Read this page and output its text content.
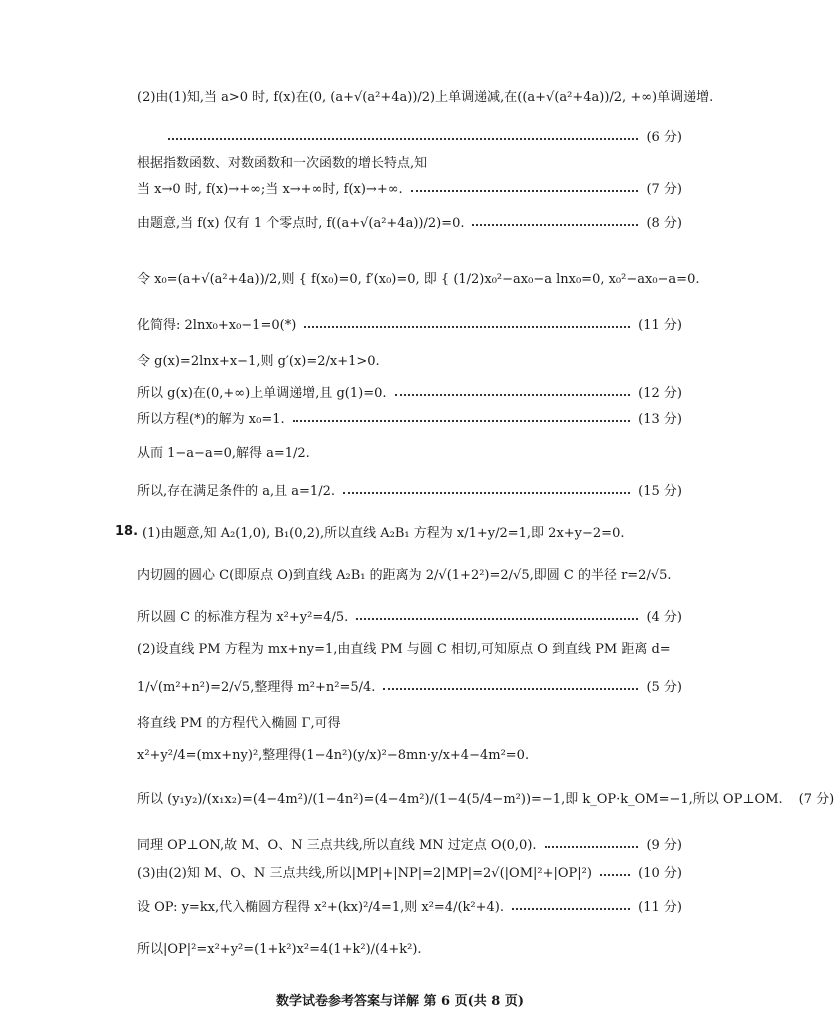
(2)由(1)知,当 a>0 时, f(x)在(0, (a+√(a²+4a))/2)上单调递减,在((a+√(a²+4a))/2, +∞)单调递增.
(6 分)
根据指数函数、对数函数和一次函数的增长特点,知
当 x→0 时, f(x)→+∞;当 x→+∞时, f(x)→+∞.	(7 分)
由题意,当 f(x) 仅有 1 个零点时, f((a+√(a²+4a))/2)=0.	(8 分)
令 x₀=(a+√(a²+4a))/2,则 { f(x₀)=0, f′(x₀)=0, 即 { (1/2)x₀²−ax₀−a lnx₀=0, x₀²−ax₀−a=0.
化简得: 2lnx₀+x₀−1=0(*)	(11 分)
令 g(x)=2lnx+x−1,则 g′(x)=2/x+1>0.
所以 g(x)在(0,+∞)上单调递增,且 g(1)=0.	(12 分)
所以方程(*)的解为 x₀=1.	(13 分)
从而 1−a−a=0,解得 a=1/2.
所以,存在满足条件的 a,且 a=1/2.	(15 分)
18. (1)由题意,知 A₂(1,0), B₁(0,2),所以直线 A₂B₁ 方程为 x/1+y/2=1,即 2x+y−2=0.
内切圆的圆心 C(即原点 O)到直线 A₂B₁ 的距离为 2/√(1+2²)=2/√5,即圆 C 的半径 r=2/√5.
所以圆 C 的标准方程为 x²+y²=4/5.	(4 分)
(2)设直线 PM 方程为 mx+ny=1,由直线 PM 与圆 C 相切,可知原点 O 到直线 PM 距离 d=
1/√(m²+n²)=2/√5,整理得 m²+n²=5/4.	(5 分)
将直线 PM 的方程代入椭圆 Γ,可得
x²+y²/4=(mx+ny)²,整理得(1−4n²)(y/x)²−8mn·y/x+4−4m²=0.
所以 (y₁y₂)/(x₁x₂)=(4−4m²)/(1−4n²)=(4−4m²)/(1−4(5/4−m²))=−1,即 k_OP·k_OM=−1,所以 OP⊥OM. (7 分)
同理 OP⊥ON,故 M、O、N 三点共线,所以直线 MN 过定点 O(0,0).	(9 分)
(3)由(2)知 M、O、N 三点共线,所以|MP|+|NP|=2|MP|=2√(|OM|²+|OP|²)	(10 分)
设 OP: y=kx,代入椭圆方程得 x²+(kx)²/4=1,则 x²=4/(k²+4).	(11 分)
所以|OP|²=x²+y²=(1+k²)x²=4(1+k²)/(4+k²).
数学试卷参考答案与详解 第 6 页(共 8 页)
